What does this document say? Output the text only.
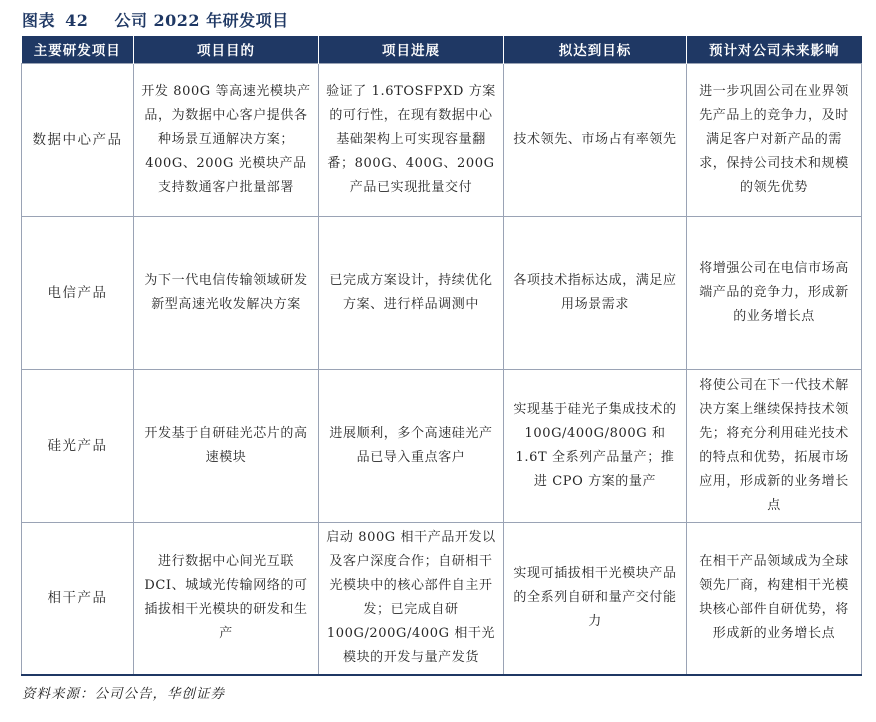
图表 42 公司 2022 年研发项目
主要研发项目	项目目的	项目进展	拟达到目标	预计对公司未来影响
数据中心产品	开发 800G 等高速光模块产品，为数据中心客户提供各种场景互通解决方案；400G、200G 光模块产品支持数通客户批量部署	验证了 1.6TOSFPXD 方案的可行性，在现有数据中心基础架构上可实现容量翻番；800G、400G、200G 产品已实现批量交付	技术领先、市场占有率领先	进一步巩固公司在业界领先产品上的竞争力，及时满足客户对新产品的需求，保持公司技术和规模的领先优势
电信产品	为下一代电信传输领域研发新型高速光收发解决方案	已完成方案设计，持续优化方案、进行样品调测中	各项技术指标达成，满足应用场景需求	将增强公司在电信市场高端产品的竞争力，形成新的业务增长点
硅光产品	开发基于自研硅光芯片的高速模块	进展顺利，多个高速硅光产品已导入重点客户	实现基于硅光子集成技术的 100G/400G/800G 和 1.6T 全系列产品量产；推进 CPO 方案的量产	将使公司在下一代技术解决方案上继续保持技术领先；将充分利用硅光技术的特点和优势，拓展市场应用，形成新的业务增长点
相干产品	进行数据中心间光互联 DCI、城域光传输网络的可插拔相干光模块的研发和生产	启动 800G 相干产品开发以及客户深度合作；自研相干光模块中的核心部件自主开发；已完成自研 100G/200G/400G 相干光模块的开发与量产发货	实现可插拔相干光模块产品的全系列自研和量产交付能力	在相干产品领域成为全球领先厂商，构建相干光模块核心部件自研优势，将形成新的业务增长点
资料来源：公司公告，华创证券
